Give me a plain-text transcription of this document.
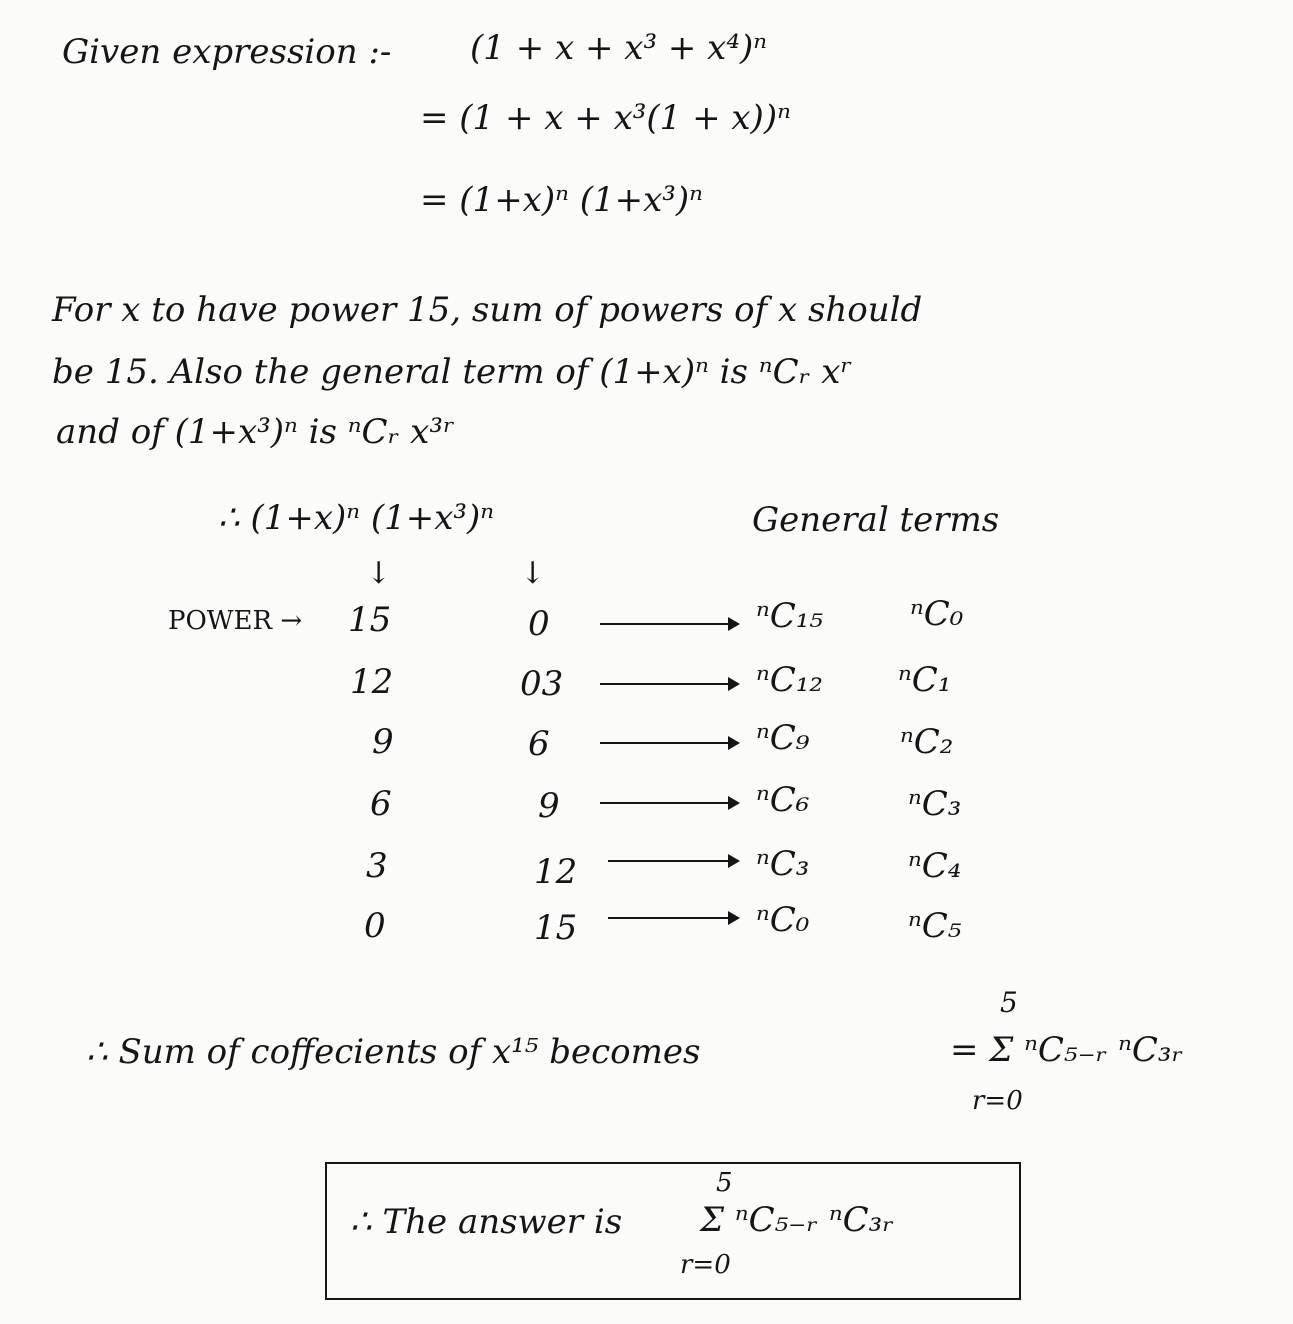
Given expression :- (1 + x + x³ + x⁴)ⁿ
= (1 + x + x³(1 + x))ⁿ
= (1+x)ⁿ (1+x³)ⁿ
For x to have power 15, sum of powers of x should
be 15. Also the general term of (1+x)ⁿ is ⁿCᵣ xʳ
and of (1+x³)ⁿ is ⁿCᵣ x³ʳ
∴ (1+x)ⁿ (1+x³)ⁿ	General terms
↓	↓
POWER → 15	0	ⁿC₁₅	ⁿC₀
12	03	ⁿC₁₂ ⁿC₁
9	6	ⁿC₉	ⁿC₂
6	9	ⁿC₆	ⁿC₃
3	12	ⁿC₃	ⁿC₄
0	15	ⁿC₀	ⁿC₅
5
∴ Sum of coffecients of x¹⁵ becomes	= Σ ⁿC₅₋ᵣ ⁿC₃ᵣ
r=0
5
∴ The answer is Σ ⁿC₅₋ᵣ ⁿC₃ᵣ
r=0
